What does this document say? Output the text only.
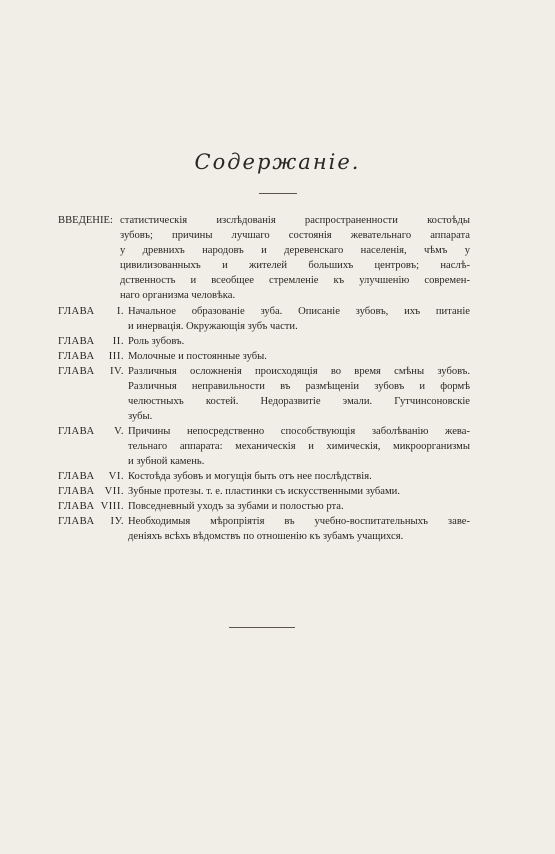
Содержаніе.
ВВЕДЕНІЕ: статистическія изслѣдованія распространенности костоѣды
зубовъ; причины лучшаго состоянія жевательнаго аппарата
у древнихъ народовъ и деревенскаго населенія, чѣмъ у
цивилизованныхъ и жителей большихъ центровъ; наслѣ-
дственность и всеобщее стремленіе къ улучшенію современ-
наго организма человѣка.
ГЛАВА I. Начальное образованіе зуба. Описаніе зубовъ, ихъ питаніе
и инервація. Окружающія зубъ части.
ГЛАВА II. Роль зубовъ.
ГЛАВА III. Молочные и постоянные зубы.
ГЛАВА IV. Различныя осложненія происходящія во время смѣны зубовъ.
Различныя неправильности въ размѣщеніи зубовъ и формѣ
челюстныхъ костей. Недоразвитіе эмали. Гутчинсоновскіе
зубы.
ГЛАВА V. Причины непосредственно способствующія заболѣванію жева-
тельнаго аппарата: механическія и химическія, микроорганизмы
и зубной камень.
ГЛАВА VI. Костоѣда зубовъ и могущія быть отъ нее послѣдствія.
ГЛАВА VII. Зубные протезы. т. е. пластинки съ искусственными зубами.
ГЛАВА VIII. Повседневный уходъ за зубами и полостью рта.
ГЛАВА IУ. Необходимыя мѣропріятія въ учебно-воспитательныхъ заве-
деніяхъ всѣхъ вѣдомствъ по отношенію къ зубамъ учащихся.
